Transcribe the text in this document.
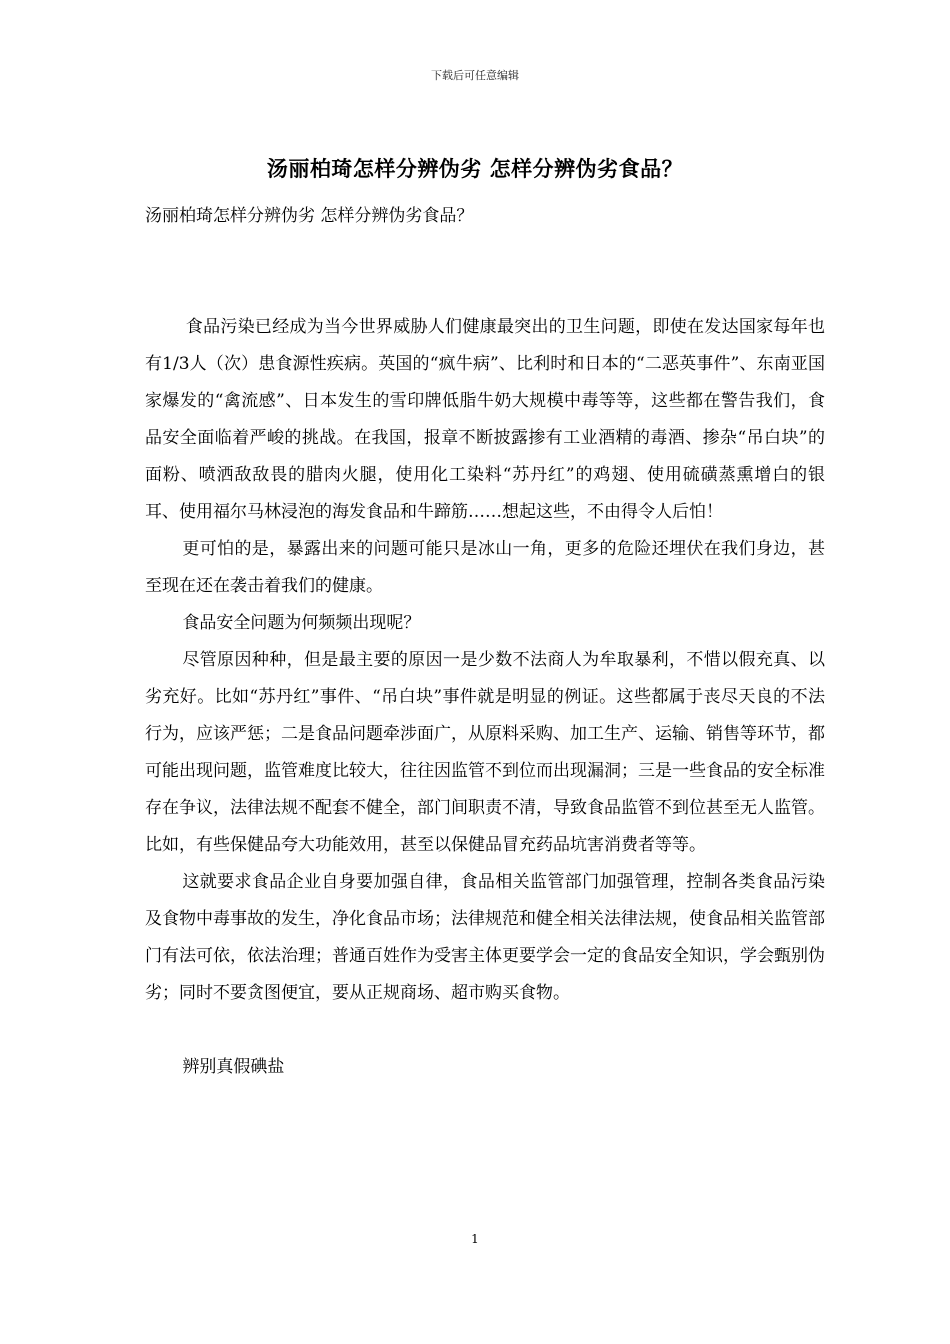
下载后可任意编辑
汤丽柏琦怎样分辨伪劣 怎样分辨伪劣食品？

汤丽柏琦怎样分辨伪劣 怎样分辨伪劣食品？

食品污染已经成为当今世界威胁人们健康最突出的卫生问题，即使在发达国家每年也有1/3人（次）患食源性疾病。英国的“疯牛病”、比利时和日本的“二恶英事件”、东南亚国家爆发的“禽流感”、日本发生的雪印牌低脂牛奶大规模中毒等等，这些都在警告我们，食品安全面临着严峻的挑战。在我国，报章不断披露掺有工业酒精的毒酒、掺杂“吊白块”的面粉、喷洒敌敌畏的腊肉火腿，使用化工染料“苏丹红”的鸡翅、使用硫磺蒸熏增白的银耳、使用福尔马林浸泡的海发食品和牛蹄筋……想起这些，不由得令人后怕！

更可怕的是，暴露出来的问题可能只是冰山一角，更多的危险还埋伏在我们身边，甚至现在还在袭击着我们的健康。

食品安全问题为何频频出现呢？

尽管原因种种，但是最主要的原因一是少数不法商人为牟取暴利，不惜以假充真、以劣充好。比如“苏丹红”事件、“吊白块”事件就是明显的例证。这些都属于丧尽天良的不法行为，应该严惩；二是食品问题牵涉面广，从原料采购、加工生产、运输、销售等环节，都可能出现问题，监管难度比较大，往往因监管不到位而出现漏洞；三是一些食品的安全标准存在争议，法律法规不配套不健全，部门间职责不清，导致食品监管不到位甚至无人监管。比如，有些保健品夸大功能效用，甚至以保健品冒充药品坑害消费者等等。

这就要求食品企业自身要加强自律，食品相关监管部门加强管理，控制各类食品污染及食物中毒事故的发生，净化食品市场；法律规范和健全相关法律法规，使食品相关监管部门有法可依，依法治理；普通百姓作为受害主体更要学会一定的食品安全知识，学会甄别伪劣；同时不要贪图便宜，要从正规商场、超市购买食物。

辨别真假碘盐

1
